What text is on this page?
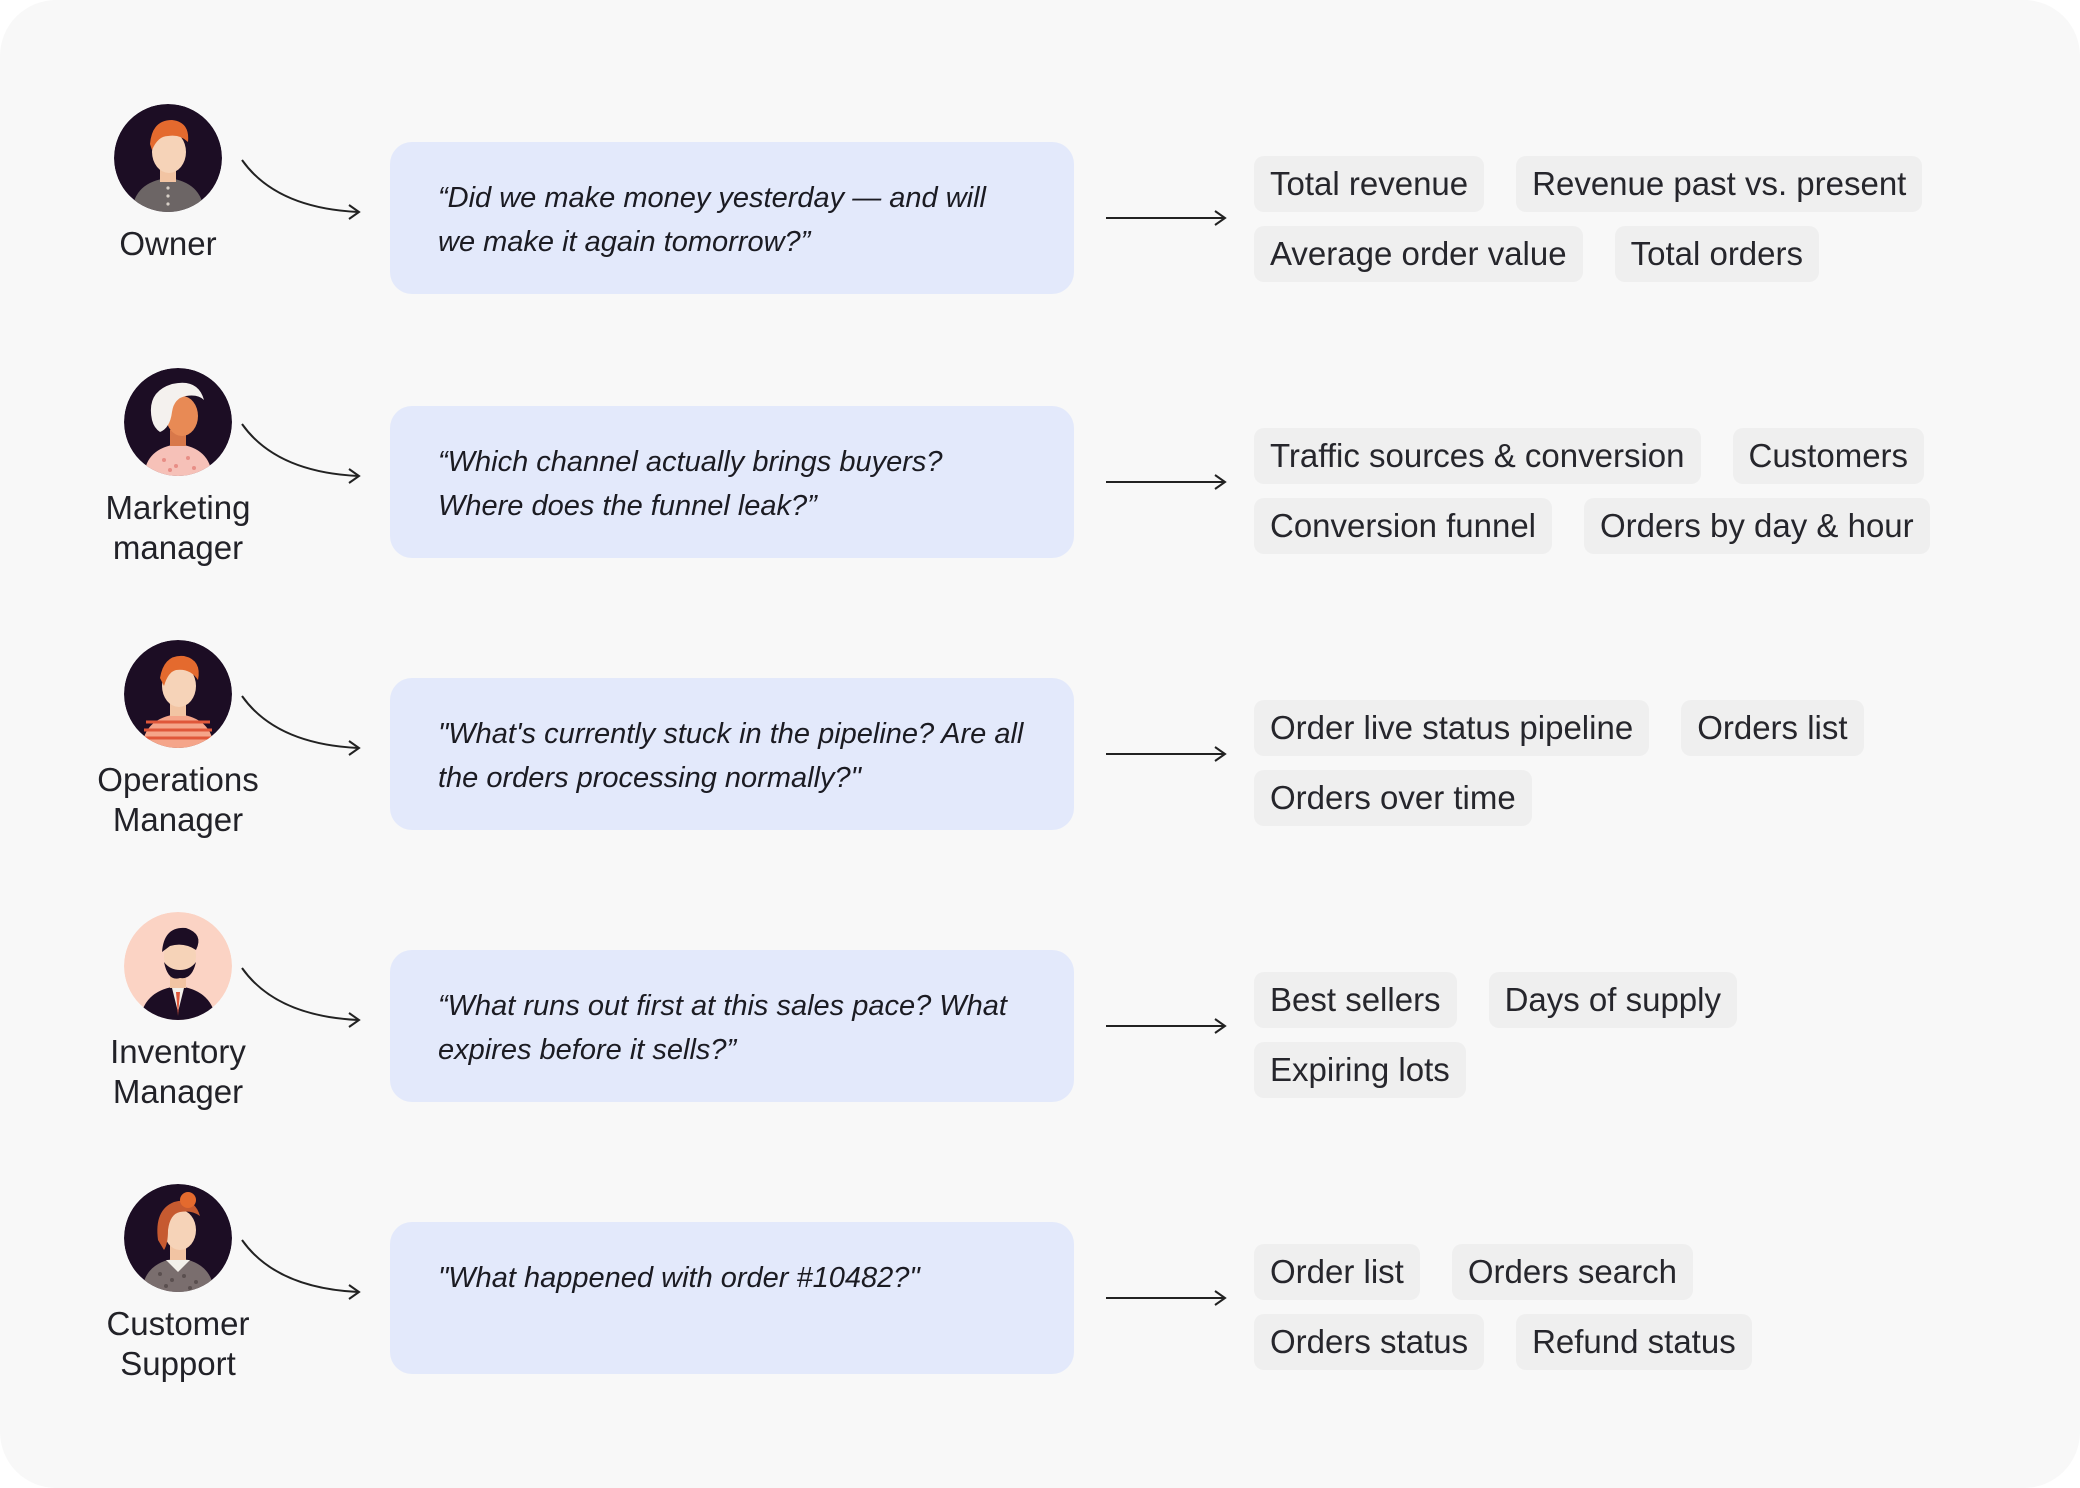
Owner
“Did we make money yesterday — and will we make it again tomorrow?”
Total revenue	Revenue past vs. present
Average order value	Total orders
Marketing manager
“Which channel actually brings buyers? Where does the funnel leak?”
Traffic sources & conversion	Customers
Conversion funnel	Orders by day & hour
Operations Manager
"What's currently stuck in the pipeline? Are all the orders processing normally?"
Order live status pipeline	Orders list
Orders over time
Inventory Manager
“What runs out first at this sales pace? What expires before it sells?”
Best sellers	Days of supply
Expiring lots
Customer Support
"What happened with order #10482?"	Order list	Orders search
Orders status	Refund status
